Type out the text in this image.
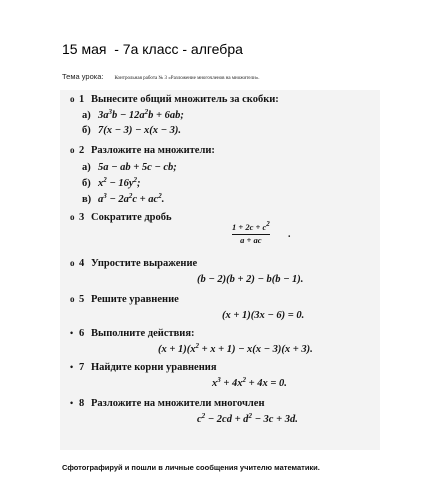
15 мая  - 7а класс - алгебра
Тема урока: Контрольная работа № 3 «Разложение многочленов на множители».
o 1 Вынесите общий множитель за скобки:
а) $3a^3b - 12a^2b + 6ab$;
б) 7(x − 3) − x(x − 3).
o 2 Разложите на множители:
а) 5a − ab + 5c − cb;
б) $x^2 - 16y^2$;
в) $a^3 - 2a^2c + ac^2$.
o 3 Сократите дробь
$1 + 2c + c^2$
a + ac	.
o 4 Упростите выражение
(b − 2)(b + 2) − b(b − 1).
o 5 Решите уравнение
(x + 1)(3x − 6) = 0.
• 6 Выполните действия:
$(x + 1)(x^2 + x + 1) - x(x - 3)(x + 3)$.
• 7 Найдите корни уравнения
$x^3 + 4x^2 + 4x = 0$.
• 8 Разложите на множители многочлен
$c^2 - 2cd + d^2 - 3c + 3d$.
Сфотографируй и пошли в личные сообщения учителю математики.
